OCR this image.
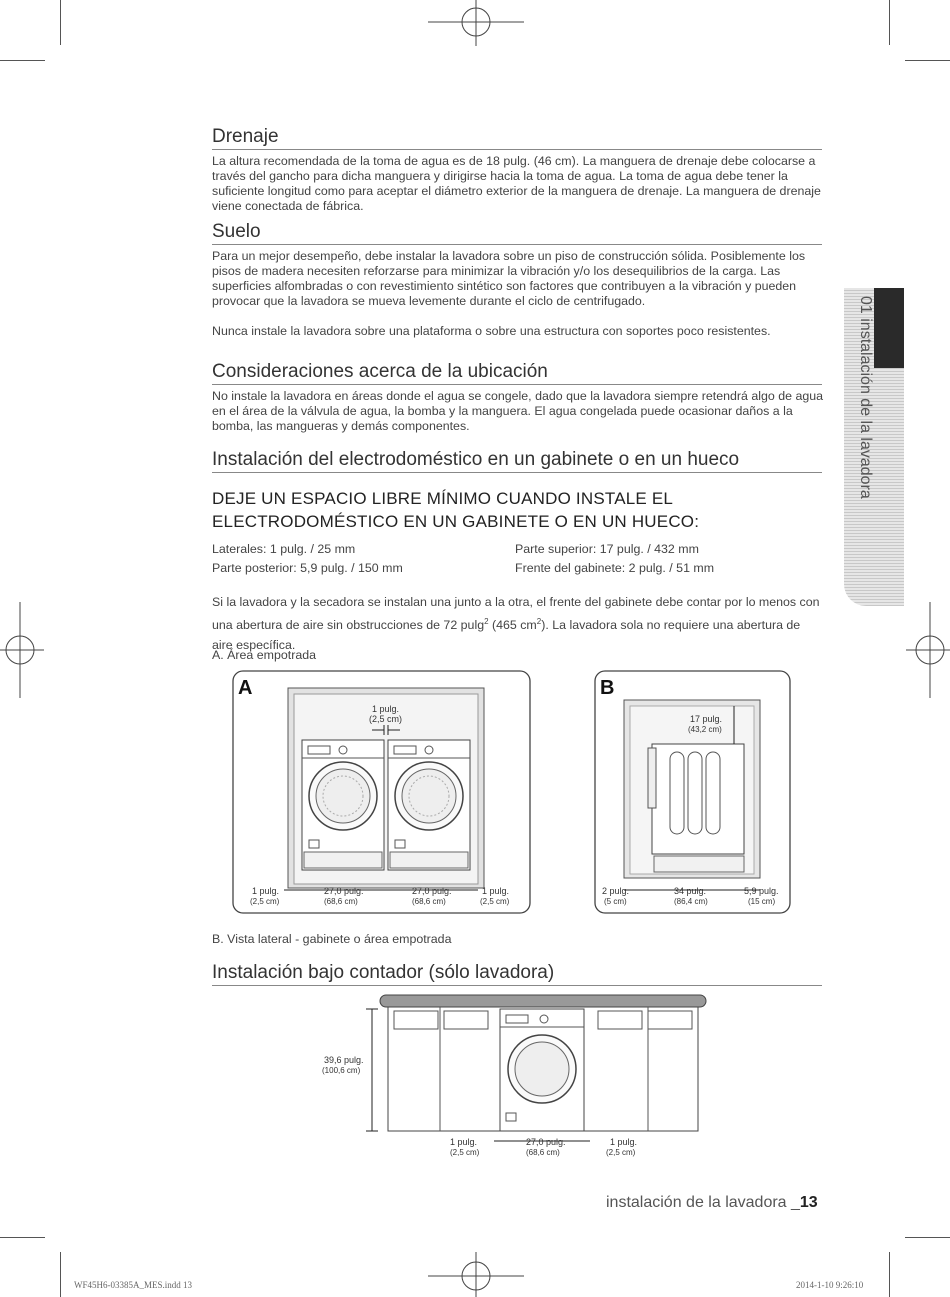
01 instalación de la lavadora
Drenaje
La altura recomendada de la toma de agua es de 18 pulg. (46 cm). La manguera de drenaje debe colocarse a través del gancho para dicha manguera y dirigirse hacia la toma de agua. La toma de agua debe tener la suficiente longitud como para aceptar el diámetro exterior de la manguera de drenaje. La manguera de drenaje viene conectada de fábrica.
Suelo
Para un mejor desempeño, debe instalar la lavadora sobre un piso de construcción sólida. Posiblemente los pisos de madera necesiten reforzarse para minimizar la vibración y/o los desequilibrios de la carga. Las superficies alfombradas o con revestimiento sintético son factores que contribuyen a la vibración y pueden provocar que la lavadora se mueva levemente durante el ciclo de centrifugado.
Nunca instale la lavadora sobre una plataforma o sobre una estructura con soportes poco resistentes.
Consideraciones acerca de la ubicación
No instale la lavadora en áreas donde el agua se congele, dado que la lavadora siempre retendrá algo de agua en el área de la válvula de agua, la bomba y la manguera. El agua congelada puede ocasionar daños a la bomba, las mangueras y demás componentes.
Instalación del electrodoméstico en un gabinete o en un hueco
DEJE UN ESPACIO LIBRE MÍNIMO CUANDO INSTALE EL
ELECTRODOMÉSTICO EN UN GABINETE O EN UN HUECO:
Laterales: 1 pulg. / 25 mm	Parte superior: 17 pulg. / 432 mm
Parte posterior: 5,9 pulg. / 150 mm	Frente del gabinete: 2 pulg. / 51 mm
Si la lavadora y la secadora se instalan una junto a la otra, el frente del gabinete debe contar por lo menos con una abertura de aire sin obstrucciones de 72 pulg$^2$ (465 $cm^2$). La lavadora sola no requiere una abertura de aire específica.
A. Área empotrada
A
1 pulg.
(2,5 cm)
1 pulg.
(2,5 cm)
27,0 pulg.
(68,6 cm)
27,0 pulg.
(68,6 cm)
1 pulg.
(2,5 cm)
B
17 pulg.
(43,2 cm)
2 pulg.
(5 cm)
34 pulg.
(86,4 cm)
5,9 pulg.
(15 cm)
B. Vista lateral - gabinete o área empotrada
Instalación bajo contador (sólo lavadora)
39,6 pulg.
(100,6 cm)
1 pulg.
(2,5 cm)
27,0 pulg.
(68,6 cm)
1 pulg.
(2,5 cm)
instalación de la lavadora _13
WF45H6-03385A_MES.indd 13	2014-1-10 9:26:10
